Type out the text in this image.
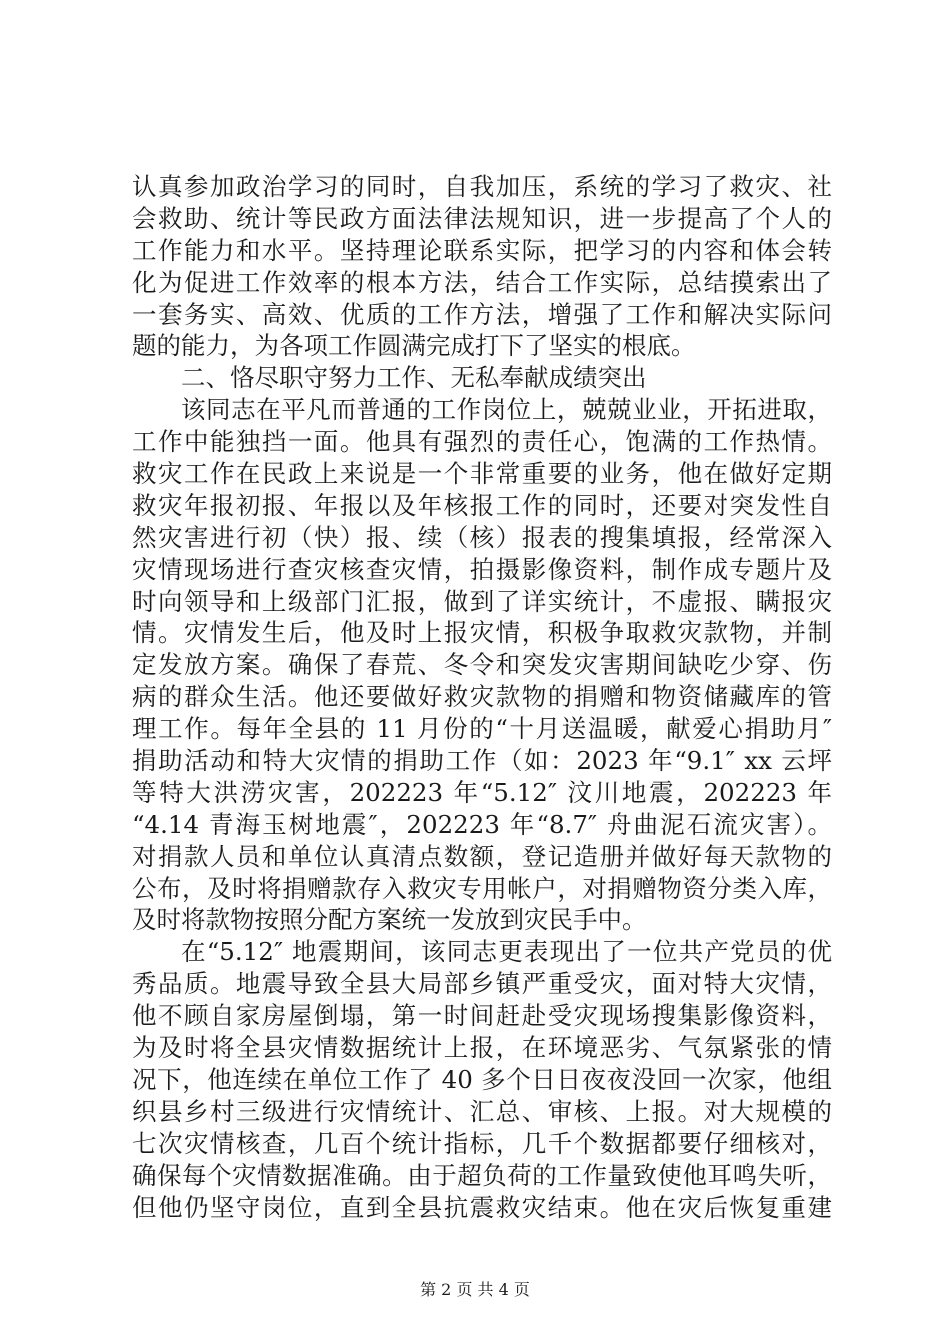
认真参加政治学习的同时，自我加压，系统的学习了救灾、社
会救助、统计等民政方面法律法规知识，进一步提高了个人的
工作能力和水平。坚持理论联系实际，把学习的内容和体会转
化为促进工作效率的根本方法，结合工作实际，总结摸索出了
一套务实、高效、优质的工作方法，增强了工作和解决实际问
题的能力，为各项工作圆满完成打下了坚实的根底。
二、恪尽职守努力工作、无私奉献成绩突出
该同志在平凡而普通的工作岗位上，兢兢业业，开拓进取，
工作中能独挡一面。他具有强烈的责任心，饱满的工作热情。
救灾工作在民政上来说是一个非常重要的业务，他在做好定期
救灾年报初报、年报以及年核报工作的同时，还要对突发性自
然灾害进行初（快）报、续（核）报表的搜集填报，经常深入
灾情现场进行查灾核查灾情，拍摄影像资料，制作成专题片及
时向领导和上级部门汇报，做到了详实统计，不虚报、瞒报灾
情。灾情发生后，他及时上报灾情，积极争取救灾款物，并制
定发放方案。确保了春荒、冬令和突发灾害期间缺吃少穿、伤
病的群众生活。他还要做好救灾款物的捐赠和物资储藏库的管
理工作。每年全县的 11 月份的“十月送温暖，献爱心捐助月″
捐助活动和特大灾情的捐助工作（如：2023 年“9.1″ xx 云坪
等特大洪涝灾害，202223 年“5.12″ 汶川地震，202223 年
“4.14 青海玉树地震″，202223 年“8.7″ 舟曲泥石流灾害）。
对捐款人员和单位认真清点数额，登记造册并做好每天款物的
公布，及时将捐赠款存入救灾专用帐户，对捐赠物资分类入库，
及时将款物按照分配方案统一发放到灾民手中。
在“5.12″ 地震期间，该同志更表现出了一位共产党员的优
秀品质。地震导致全县大局部乡镇严重受灾，面对特大灾情，
他不顾自家房屋倒塌，第一时间赶赴受灾现场搜集影像资料，
为及时将全县灾情数据统计上报，在环境恶劣、气氛紧张的情
况下，他连续在单位工作了 40 多个日日夜夜没回一次家，他组
织县乡村三级进行灾情统计、汇总、审核、上报。对大规模的
七次灾情核查，几百个统计指标，几千个数据都要仔细核对，
确保每个灾情数据准确。由于超负荷的工作量致使他耳鸣失听，
但他仍坚守岗位，直到全县抗震救灾结束。他在灾后恢复重建
第 2 页 共 4 页
